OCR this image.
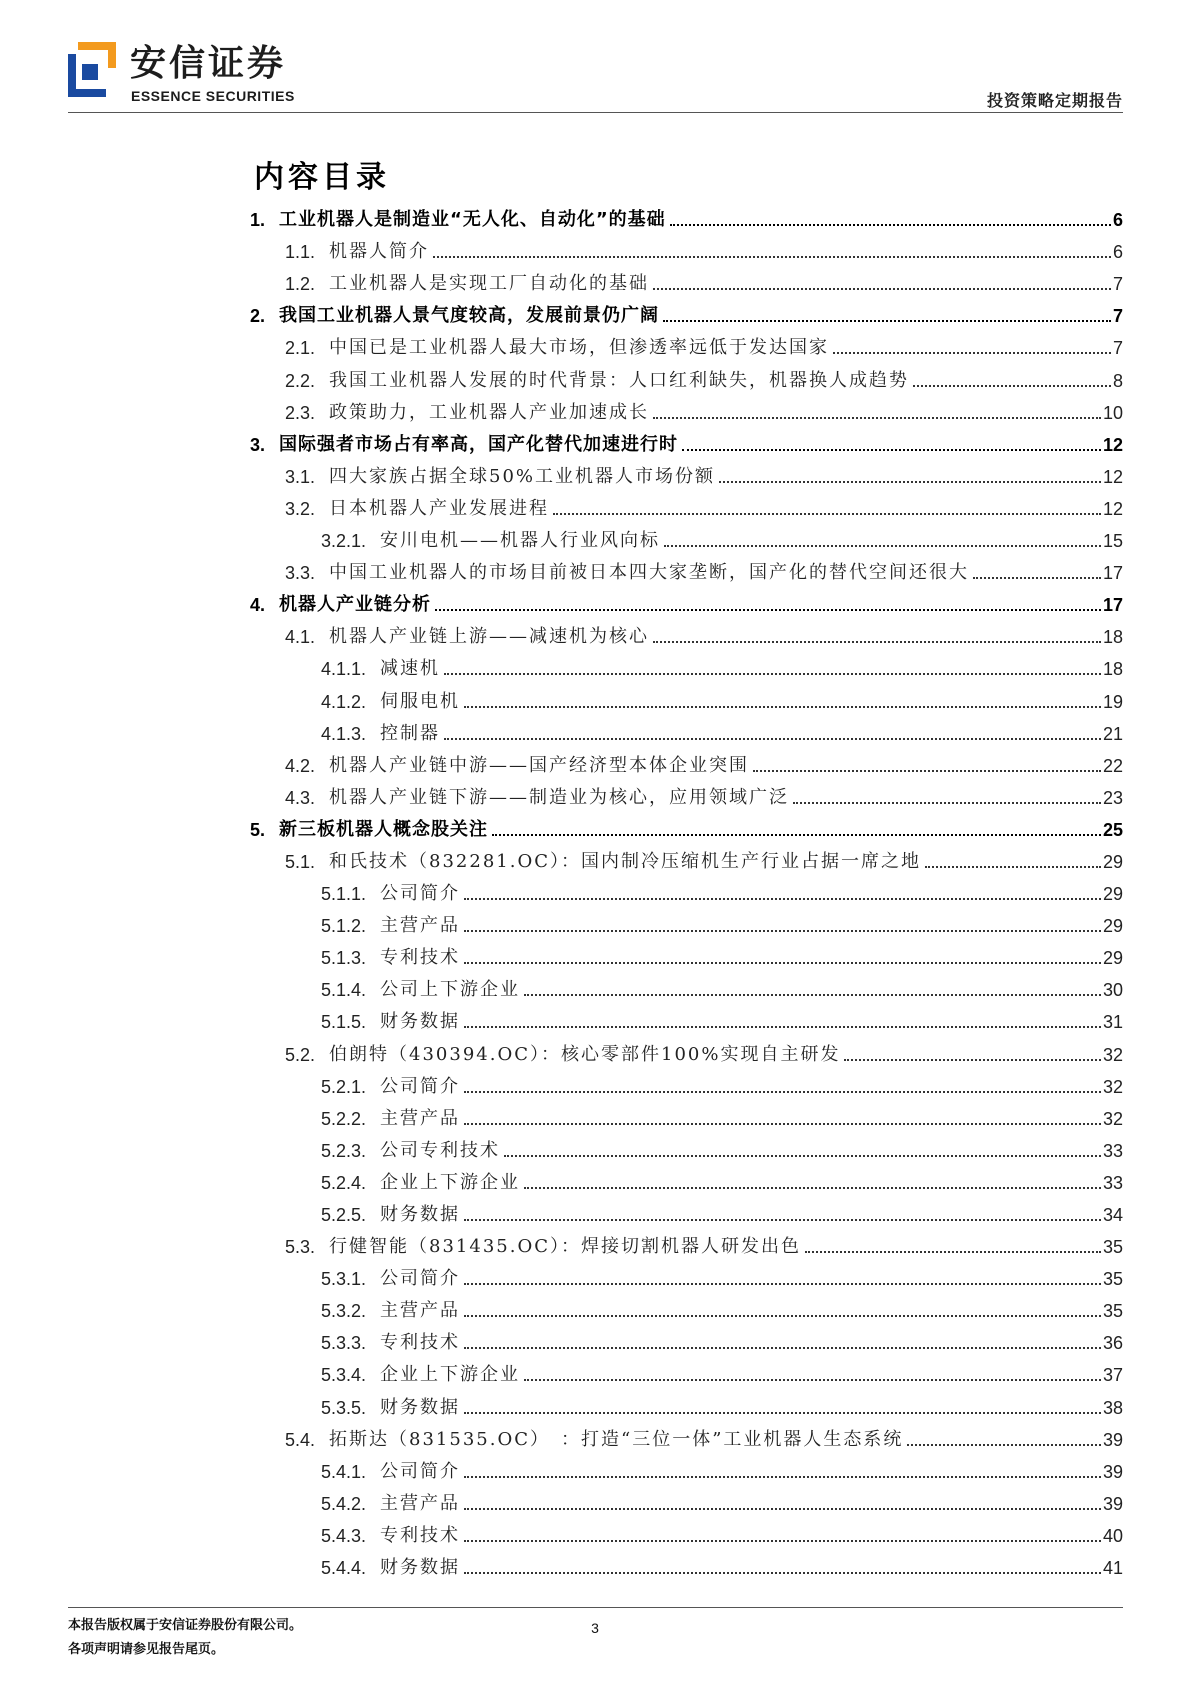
安信证券
ESSENCE SECURITIES	投资策略定期报告
内容目录
1. 工业机器人是制造业“无人化、自动化”的基础	6
1.1. 机器人简介	6
1.2. 工业机器人是实现工厂自动化的基础	7
2. 我国工业机器人景气度较高，发展前景仍广阔	7
2.1. 中国已是工业机器人最大市场，但渗透率远低于发达国家	7
2.2. 我国工业机器人发展的时代背景：人口红利缺失，机器换人成趋势	8
2.3. 政策助力，工业机器人产业加速成长	10
3. 国际强者市场占有率高，国产化替代加速进行时	12
3.1. 四大家族占据全球50%工业机器人市场份额	12
3.2. 日本机器人产业发展进程	12
3.2.1. 安川电机——机器人行业风向标	15
3.3. 中国工业机器人的市场目前被日本四大家垄断，国产化的替代空间还很大	17
4. 机器人产业链分析	17
4.1. 机器人产业链上游——减速机为核心	18
4.1.1. 减速机	18
4.1.2. 伺服电机	19
4.1.3. 控制器	21
4.2. 机器人产业链中游——国产经济型本体企业突围	22
4.3. 机器人产业链下游——制造业为核心，应用领域广泛	23
5. 新三板机器人概念股关注	25
5.1. 和氏技术（832281.OC）：国内制冷压缩机生产行业占据一席之地	29
5.1.1. 公司简介	29
5.1.2. 主营产品	29
5.1.3. 专利技术	29
5.1.4. 公司上下游企业	30
5.1.5. 财务数据	31
5.2. 伯朗特（430394.OC）：核心零部件100%实现自主研发	32
5.2.1. 公司简介	32
5.2.2. 主营产品	32
5.2.3. 公司专利技术	33
5.2.4. 企业上下游企业	33
5.2.5. 财务数据	34
5.3. 行健智能（831435.OC）：焊接切割机器人研发出色	35
5.3.1. 公司简介	35
5.3.2. 主营产品	35
5.3.3. 专利技术	36
5.3.4. 企业上下游企业	37
5.3.5. 财务数据	38
5.4. 拓斯达（831535.OC）　：打造“三位一体”工业机器人生态系统	39
5.4.1. 公司简介	39
5.4.2. 主营产品	39
5.4.3. 专利技术	40
5.4.4. 财务数据	41
本报告版权属于安信证券股份有限公司。
各项声明请参见报告尾页。
3
